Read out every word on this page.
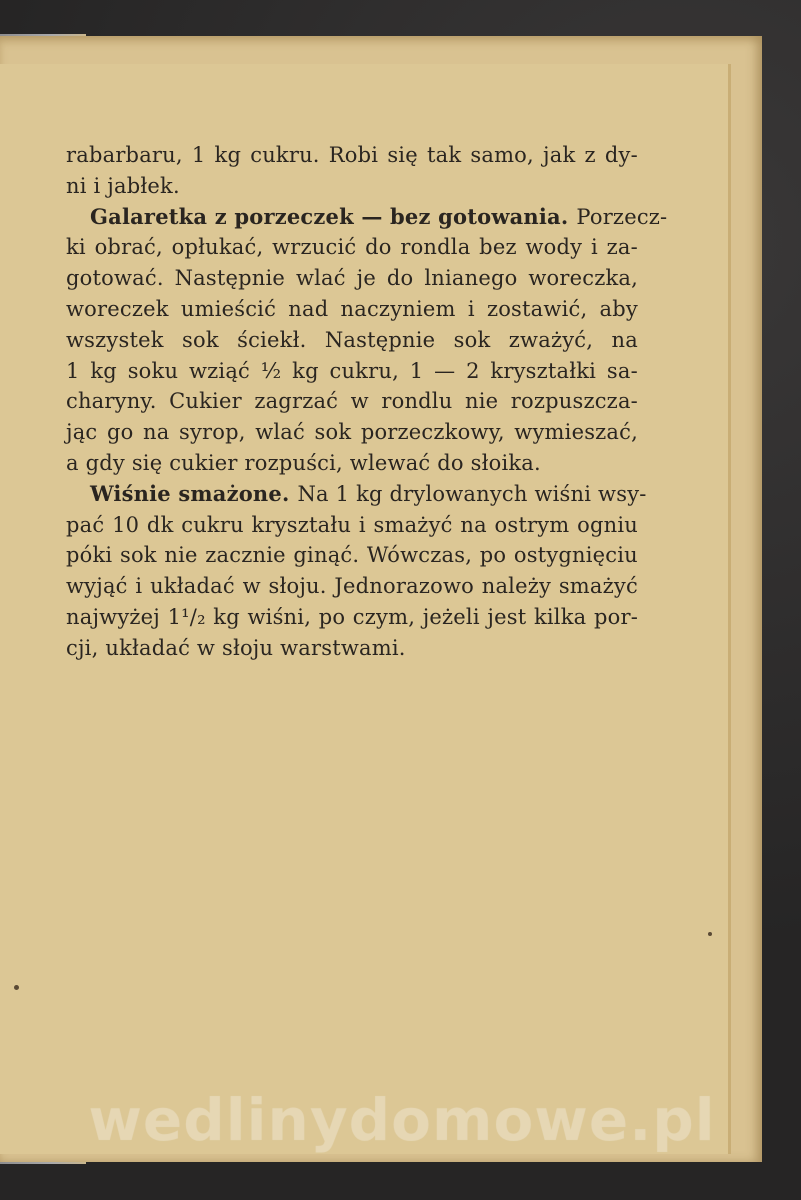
rabarbaru, 1 kg cukru. Robi się tak samo, jak z dy-
ni i jabłek.
Galaretka z porzeczek — bez gotowania. Porzecz-
ki obrać, opłukać, wrzucić do rondla bez wody i za-
gotować. Następnie wlać je do lnianego woreczka,
woreczek umieścić nad naczyniem i zostawić, aby
wszystek sok ściekł. Następnie sok zważyć, na
1 kg soku wziąć ½ kg cukru, 1 — 2 kryształki sa-
charyny. Cukier zagrzać w rondlu nie rozpuszcza-
jąc go na syrop, wlać sok porzeczkowy, wymieszać,
a gdy się cukier rozpuści, wlewać do słoika.
Wiśnie smażone. Na 1 kg drylowanych wiśni wsy-
pać 10 dk cukru kryształu i smażyć na ostrym ogniu
póki sok nie zacznie ginąć. Wówczas, po ostygnięciu
wyjąć i układać w słoju. Jednorazowo należy smażyć
najwyżej 1¹/₂ kg wiśni, po czym, jeżeli jest kilka por-
cji, układać w słoju warstwami.
wedlinydomowe.pl
